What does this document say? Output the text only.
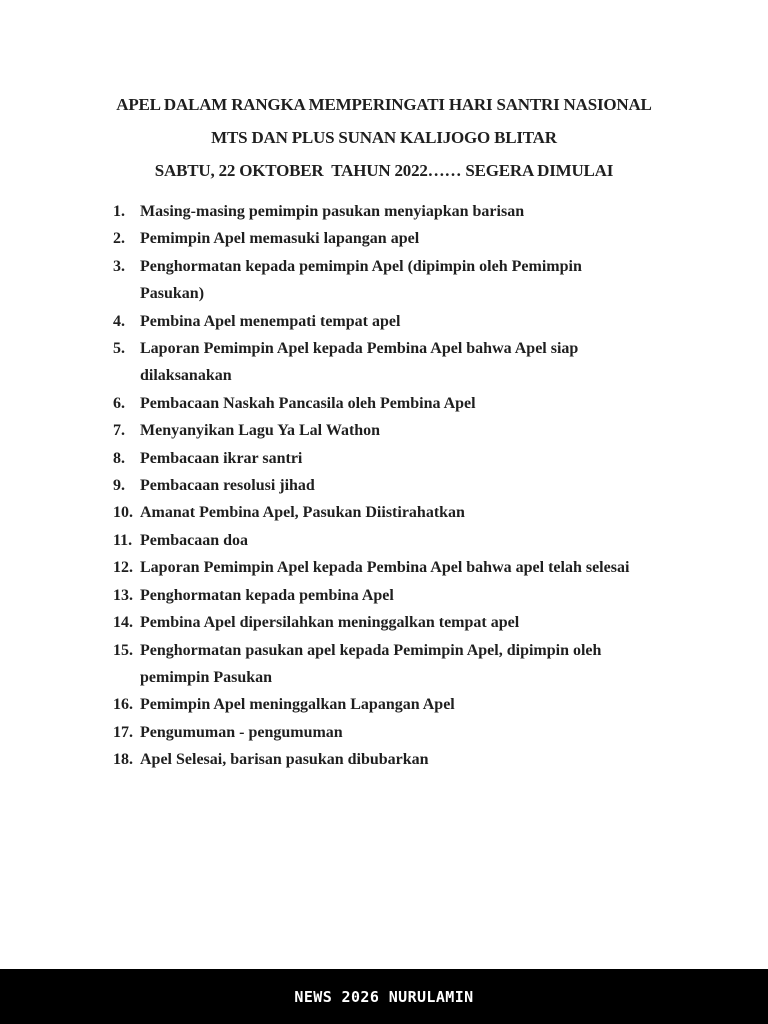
APEL DALAM RANGKA MEMPERINGATI HARI SANTRI NASIONAL
MTS DAN PLUS SUNAN KALIJOGO BLITAR
SABTU, 22 OKTOBER  TAHUN 2022…… SEGERA DIMULAI
1. Masing-masing pemimpin pasukan menyiapkan barisan
2. Pemimpin Apel memasuki lapangan apel
3. Penghormatan kepada pemimpin Apel (dipimpin oleh Pemimpin Pasukan)
4. Pembina Apel menempati tempat apel
5. Laporan Pemimpin Apel kepada Pembina Apel bahwa Apel siap dilaksanakan
6. Pembacaan Naskah Pancasila oleh Pembina Apel
7. Menyanyikan Lagu Ya Lal Wathon
8. Pembacaan ikrar santri
9. Pembacaan resolusi jihad
10. Amanat Pembina Apel, Pasukan Diistirahatkan
11. Pembacaan doa
12. Laporan Pemimpin Apel kepada Pembina Apel bahwa apel telah selesai
13. Penghormatan kepada pembina Apel
14. Pembina Apel dipersilahkan meninggalkan tempat apel
15. Penghormatan pasukan apel kepada Pemimpin Apel, dipimpin oleh pemimpin Pasukan
16. Pemimpin Apel meninggalkan Lapangan Apel
17. Pengumuman - pengumuman
18. Apel Selesai, barisan pasukan dibubarkan
NEWS 2026 NURULAMIN
